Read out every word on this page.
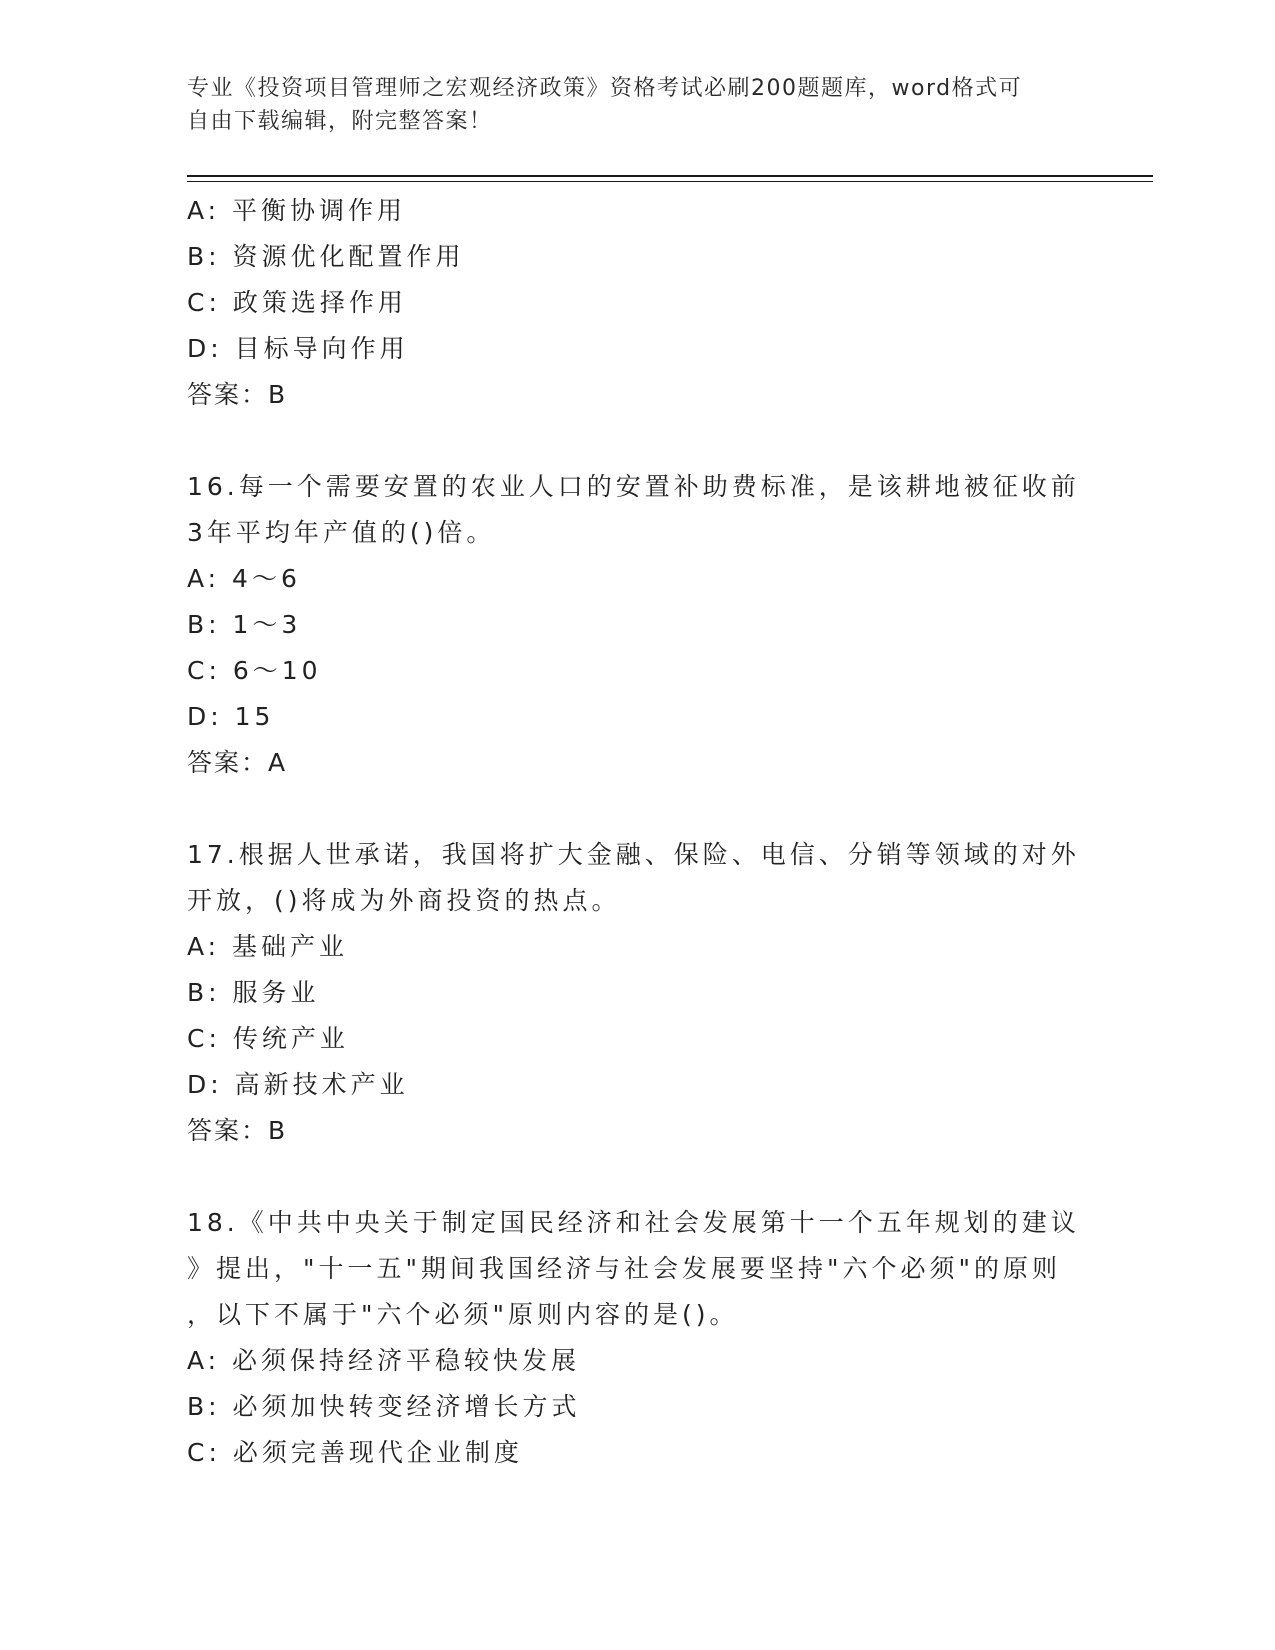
专业《投资项目管理师之宏观经济政策》资格考试必刷200题题库，word格式可
自由下载编辑，附完整答案！
A: 平衡协调作用
B: 资源优化配置作用
C: 政策选择作用
D: 目标导向作用
答案：B
16.每一个需要安置的农业人口的安置补助费标准，是该耕地被征收前
3年平均年产值的()倍。
A: 4～6
B: 1～3
C: 6～10
D: 15
答案：A
17.根据人世承诺，我国将扩大金融、保险、电信、分销等领域的对外
开放，()将成为外商投资的热点。
A: 基础产业
B: 服务业
C: 传统产业
D: 高新技术产业
答案：B
18.《中共中央关于制定国民经济和社会发展第十一个五年规划的建议
》提出，"十一五"期间我国经济与社会发展要坚持"六个必须"的原则
，以下不属于"六个必须"原则内容的是()。
A: 必须保持经济平稳较快发展
B: 必须加快转变经济增长方式
C: 必须完善现代企业制度
